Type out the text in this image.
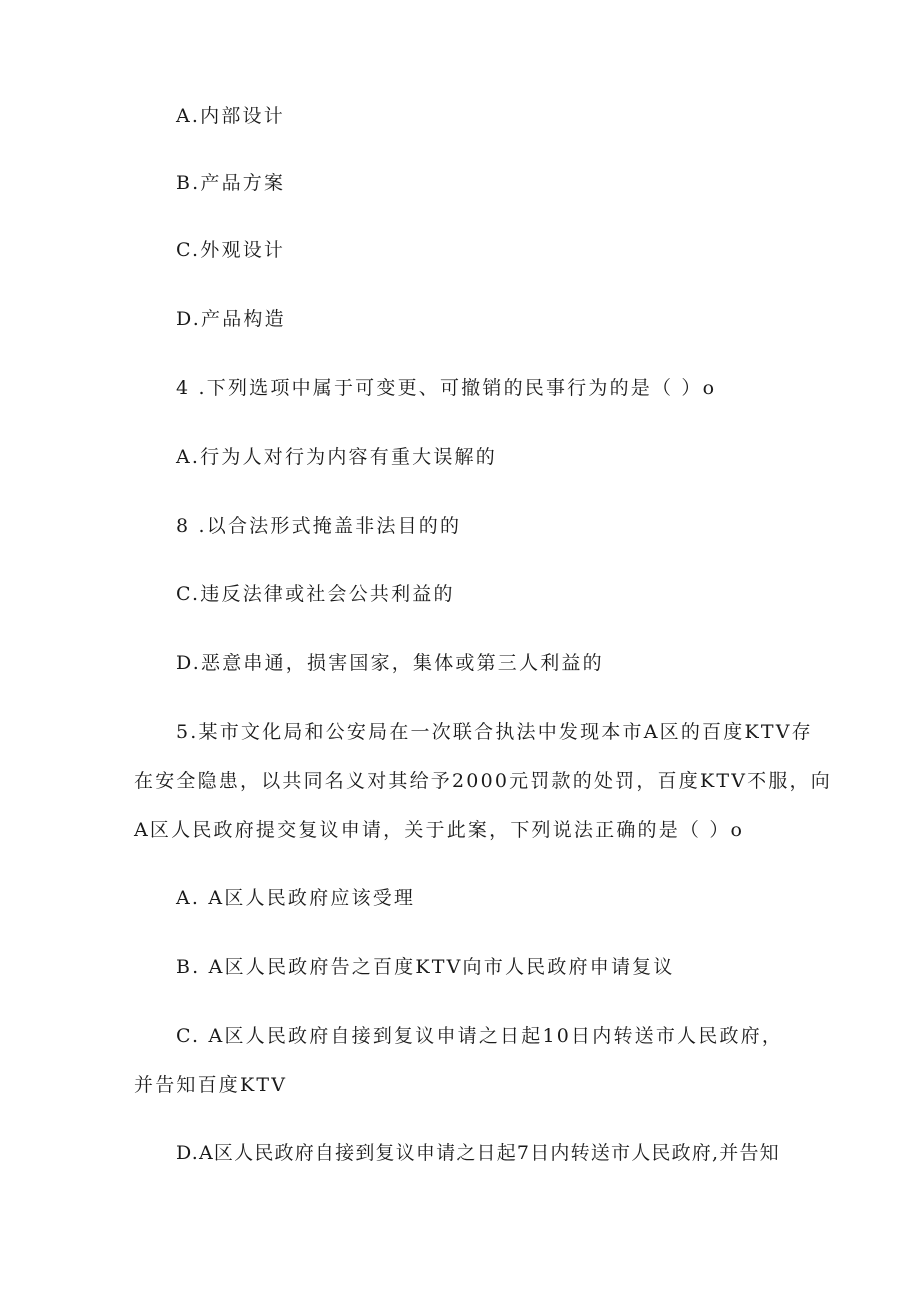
A.内部设计
B.产品方案
C.外观设计
D.产品构造
4 .下列选项中属于可变更、可撤销的民事行为的是（ ）o
A.行为人对行为内容有重大误解的
8 .以合法形式掩盖非法目的的
C.违反法律或社会公共利益的
D.恶意串通，损害国家，集体或第三人利益的
5.某市文化局和公安局在一次联合执法中发现本市A区的百度KTV存
在安全隐患，以共同名义对其给予2000元罚款的处罚，百度KTV不服，向
A区人民政府提交复议申请，关于此案，下列说法正确的是（ ）o
A. A区人民政府应该受理
B. A区人民政府告之百度KTV向市人民政府申请复议
C. A区人民政府自接到复议申请之日起10日内转送市人民政府，
并告知百度KTV
D.A区人民政府自接到复议申请之日起7日内转送市人民政府,并告知
